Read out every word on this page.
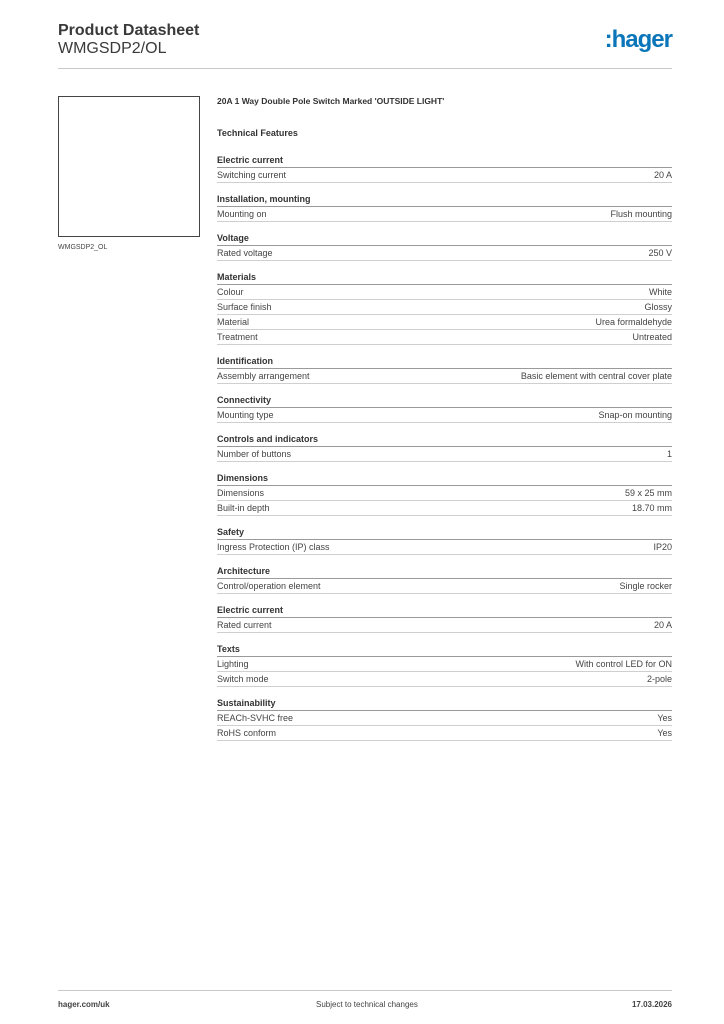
Product Datasheet
WMGSDP2/OL	:hager
WMGSDP2_OL
20A 1 Way Double Pole Switch Marked 'OUTSIDE LIGHT'
Technical Features
Electric current
Switching current	20 A
Installation, mounting
Mounting on	Flush mounting
Voltage
Rated voltage	250 V
Materials
Colour	White
Surface finish	Glossy
Material	Urea formaldehyde
Treatment	Untreated
Identification
Assembly arrangement	Basic element with central cover plate
Connectivity
Mounting type	Snap-on mounting
Controls and indicators
Number of buttons	1
Dimensions
Dimensions	59 x 25 mm
Built-in depth	18.70 mm
Safety
Ingress Protection (IP) class	IP20
Architecture
Control/operation element	Single rocker
Electric current
Rated current	20 A
Texts
Lighting	With control LED for ON
Switch mode	2-pole
Sustainability
REACh-SVHC free	Yes
RoHS conform	Yes
hager.com/uk	Subject to technical changes	17.03.2026
